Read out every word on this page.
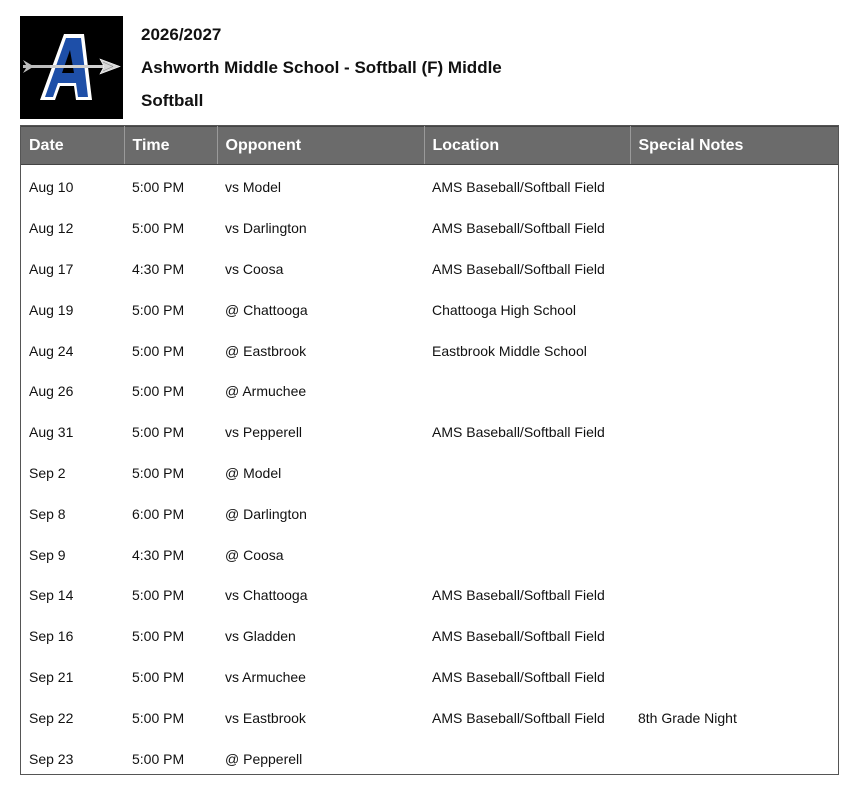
2026/2027
Ashworth Middle School - Softball (F) Middle
Softball
Date	Time	Opponent	Location	Special Notes
Aug 10	5:00 PM	vs Model	AMS Baseball/Softball Field	
Aug 12	5:00 PM	vs Darlington	AMS Baseball/Softball Field	
Aug 17	4:30 PM	vs Coosa	AMS Baseball/Softball Field	
Aug 19	5:00 PM	@ Chattooga	Chattooga High School	
Aug 24	5:00 PM	@ Eastbrook	Eastbrook Middle School	
Aug 26	5:00 PM	@ Armuchee		
Aug 31	5:00 PM	vs Pepperell	AMS Baseball/Softball Field	
Sep 2	5:00 PM	@ Model		
Sep 8	6:00 PM	@ Darlington		
Sep 9	4:30 PM	@ Coosa		
Sep 14	5:00 PM	vs Chattooga	AMS Baseball/Softball Field	
Sep 16	5:00 PM	vs Gladden	AMS Baseball/Softball Field	
Sep 21	5:00 PM	vs Armuchee	AMS Baseball/Softball Field	
Sep 22	5:00 PM	vs Eastbrook	AMS Baseball/Softball Field	8th Grade Night
Sep 23	5:00 PM	@ Pepperell		
